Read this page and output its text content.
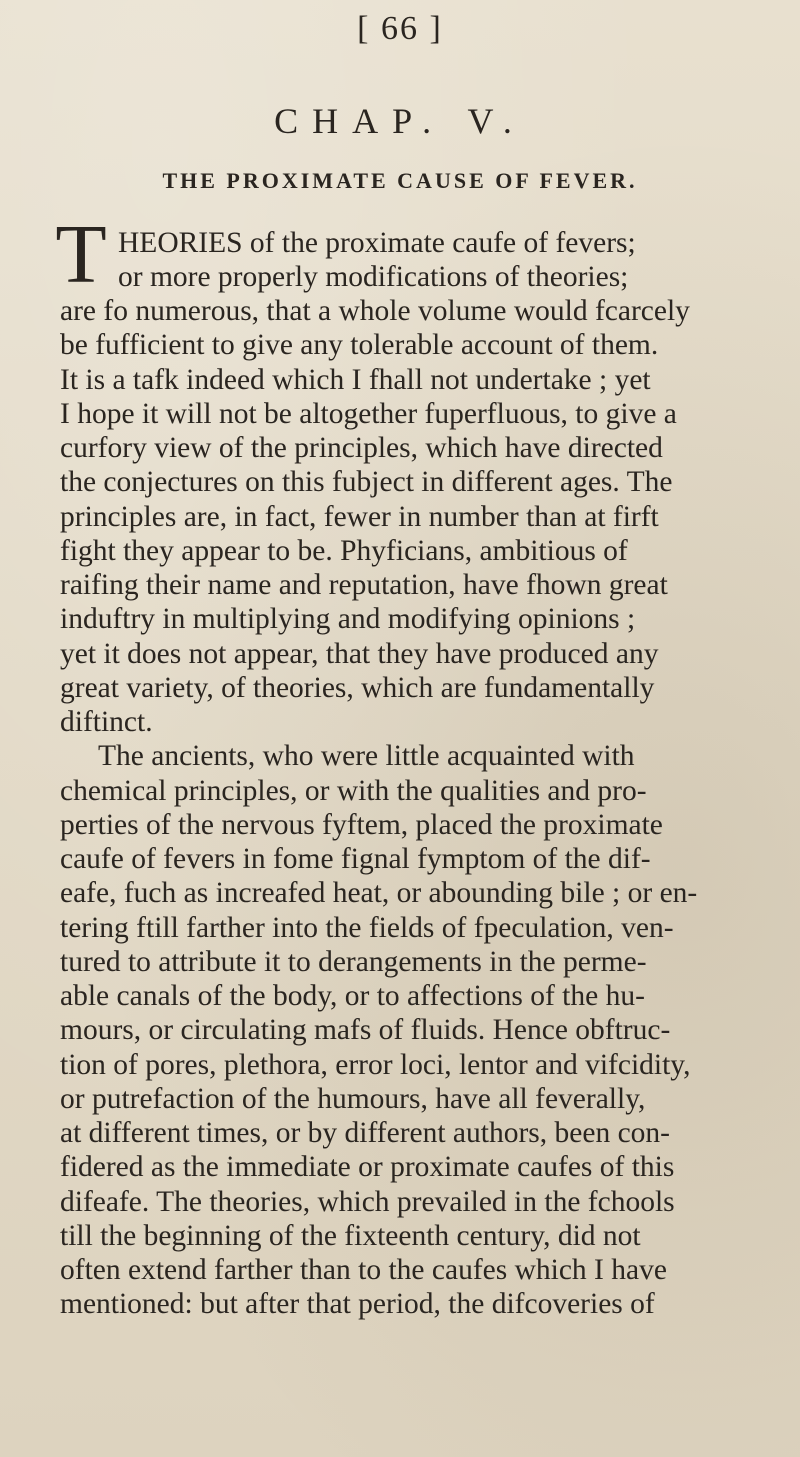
[ 66 ]
CHAP. V.
THE PROXIMATE CAUSE OF FEVER.
T HEORIES of the proximate caufe of fevers;
or more properly modifications of theories;
are fo numerous, that a whole volume would fcarcely
be fufficient to give any tolerable account of them.
It is a tafk indeed which I fhall not undertake ; yet
I hope it will not be altogether fuperfluous, to give a
curfory view of the principles, which have directed
the conjectures on this fubject in different ages. The
principles are, in fact, fewer in number than at firft
fight they appear to be. Phyficians, ambitious of
raifing their name and reputation, have fhown great
induftry in multiplying and modifying opinions ;
yet it does not appear, that they have produced any
great variety, of theories, which are fundamentally
diftinct.
The ancients, who were little acquainted with
chemical principles, or with the qualities and pro-
perties of the nervous fyftem, placed the proximate
caufe of fevers in fome fignal fymptom of the dif-
eafe, fuch as increafed heat, or abounding bile ; or en-
tering ftill farther into the fields of fpeculation, ven-
tured to attribute it to derangements in the perme-
able canals of the body, or to affections of the hu-
mours, or circulating mafs of fluids. Hence obftruc-
tion of pores, plethora, error loci, lentor and vifcidity,
or putrefaction of the humours, have all feverally,
at different times, or by different authors, been con-
fidered as the immediate or proximate caufes of this
difeafe. The theories, which prevailed in the fchools
till the beginning of the fixteenth century, did not
often extend farther than to the caufes which I have
mentioned: but after that period, the difcoveries of
